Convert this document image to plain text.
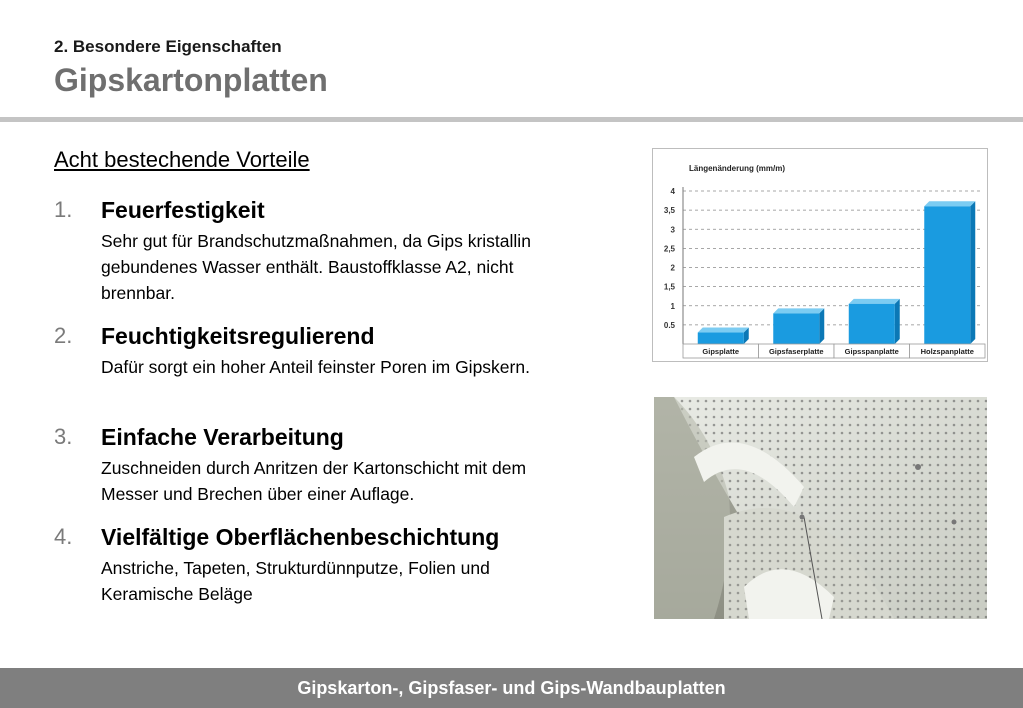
2. Besondere Eigenschaften
Gipskartonplatten
Acht bestechende Vorteile
1. Feuerfestigkeit
Sehr gut für Brandschutzmaßnahmen, da Gips kristallin gebundenes Wasser enthält. Baustoffklasse A2, nicht brennbar.
2. Feuchtigkeitsregulierend
Dafür sorgt ein hoher Anteil feinster Poren im Gipskern.
3. Einfache Verarbeitung
Zuschneiden durch Anritzen der Kartonschicht mit dem Messer und Brechen über einer Auflage.
4. Vielfältige Oberflächenbeschichtung
Anstriche, Tapeten, Strukturdünnputze, Folien und Keramische Beläge
0.5
1
1,5
2
2,5
3
3,5
4
Gipsplatte	Gipsfaserplatte	Gipsspanplatte	Holzspanplatte
Längenänderung (mm/m)
Gipskarton-, Gipsfaser- und Gips-Wandbauplatten
